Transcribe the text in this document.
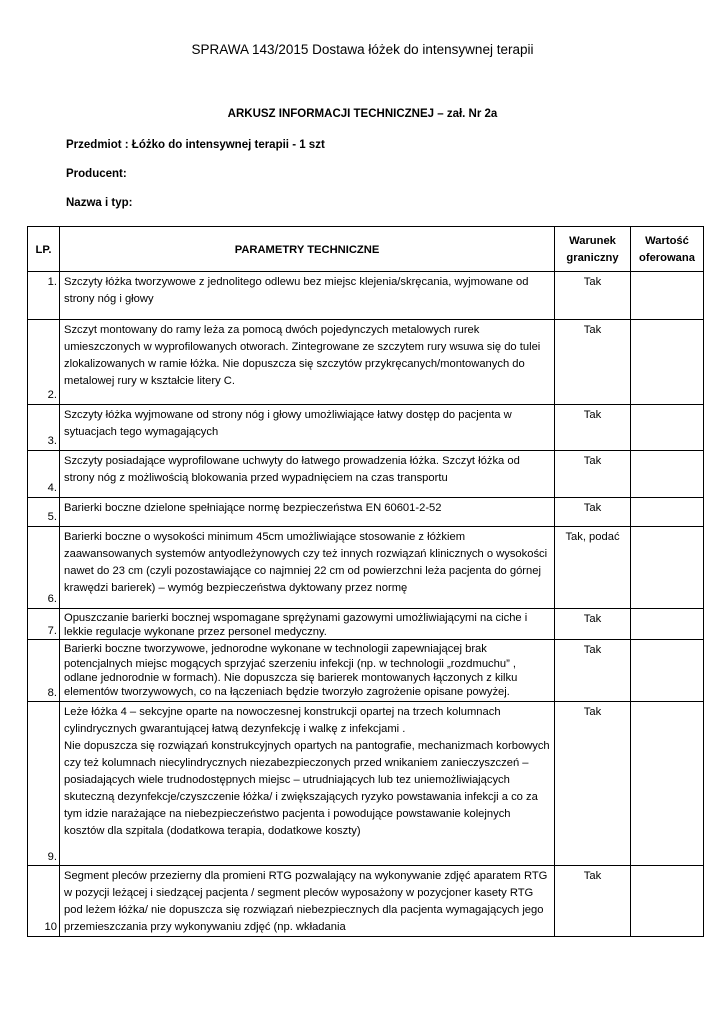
SPRAWA 143/2015 Dostawa łóżek do intensywnej terapii
ARKUSZ INFORMACJI TECHNICZNEJ – zał. Nr 2a
Przedmiot : Łóżko do intensywnej terapii - 1 szt
Producent:
Nazwa i typ:
LP.	PARAMETRY TECHNICZNE	Warunek graniczny	Wartość oferowana
1.	Szczyty łóżka tworzywowe z jednolitego odlewu bez miejsc klejenia/skręcania, wyjmowane od strony nóg i głowy	Tak	
2.	Szczyt montowany do ramy leża za pomocą dwóch pojedynczych metalowych rurek umieszczonych w wyprofilowanych otworach. Zintegrowane ze szczytem rury wsuwa się do tulei zlokalizowanych w ramie łóżka. Nie dopuszcza się szczytów przykręcanych/montowanych do metalowej rury w kształcie litery C.	Tak	
3.	Szczyty łóżka wyjmowane od strony nóg i głowy umożliwiające łatwy dostęp do pacjenta w sytuacjach tego wymagających	Tak	
4.	Szczyty posiadające wyprofilowane uchwyty do łatwego prowadzenia łóżka. Szczyt łóżka od strony nóg z możliwością blokowania przed wypadnięciem na czas transportu	Tak	
5.	Barierki boczne dzielone spełniające normę bezpieczeństwa EN 60601-2-52	Tak	
6.	Barierki boczne o wysokości minimum 45cm umożliwiające stosowanie z łóżkiem zaawansowanych systemów antyodleżynowych czy też innych rozwiązań klinicznych o wysokości nawet do 23 cm (czyli pozostawiające co najmniej 22 cm od powierzchni leża pacjenta do górnej krawędzi barierek) – wymóg bezpieczeństwa dyktowany przez normę	Tak, podać	
7.	Opuszczanie barierki bocznej wspomagane sprężynami gazowymi umożliwiającymi na ciche i lekkie regulacje wykonane przez personel medyczny.	Tak	
8.	Barierki boczne tworzywowe, jednorodne wykonane w technologii zapewniającej brak potencjalnych miejsc mogących sprzyjać szerzeniu infekcji (np. w technologii „rozdmuchu” , odlane jednorodnie w formach). Nie dopuszcza się barierek montowanych łączonych z kilku elementów tworzywowych, co na łączeniach będzie tworzyło zagrożenie opisane powyżej.	Tak	
9.	Leże łóżka 4 – sekcyjne oparte na nowoczesnej konstrukcji opartej na trzech kolumnach cylindrycznych gwarantującej łatwą dezynfekcję i walkę z infekcjami .
Nie dopuszcza się rozwiązań konstrukcyjnych opartych na pantografie, mechanizmach korbowych czy też kolumnach niecylindrycznych niezabezpieczonych przed wnikaniem zanieczyszczeń – posiadających wiele trudnodostępnych miejsc – utrudniających lub tez uniemożliwiających skuteczną dezynfekcje/czyszczenie łóżka/ i zwiększających ryzyko powstawania infekcji a co za tym idzie narażające na niebezpieczeństwo pacjenta i powodujące powstawanie kolejnych kosztów dla szpitala (dodatkowa terapia, dodatkowe koszty)	Tak	
10	Segment pleców przezierny dla promieni RTG pozwalający na wykonywanie zdjęć aparatem RTG w pozycji leżącej i siedzącej pacjenta / segment pleców wyposażony w pozycjoner kasety RTG pod leżem łóżka/ nie dopuszcza się rozwiązań niebezpiecznych dla pacjenta wymagających jego przemieszczania przy wykonywaniu zdjęć (np. wkładania	Tak	
